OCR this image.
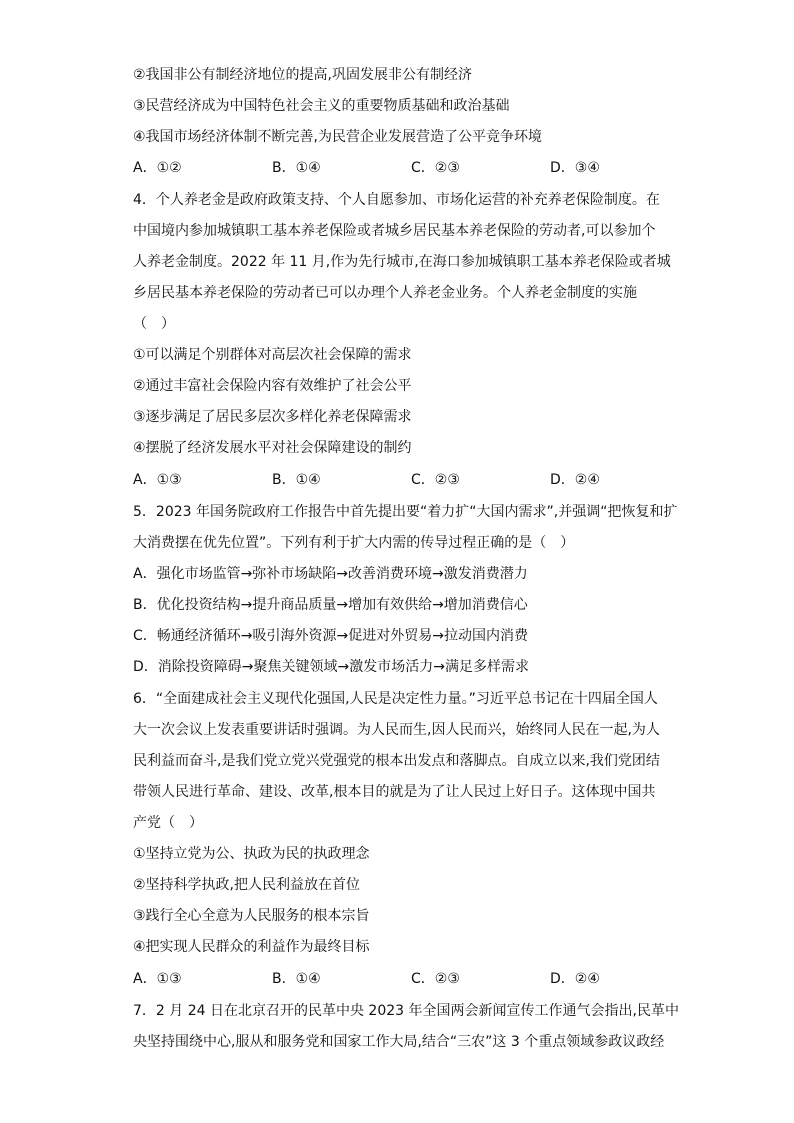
②我国非公有制经济地位的提高,巩固发展非公有制经济
③民营经济成为中国特色社会主义的重要物质基础和政治基础
④我国市场经济体制不断完善,为民营企业发展营造了公平竞争环境
A．①②	B．①④	C．②③	D．③④
4．个人养老金是政府政策支持、个人自愿参加、市场化运营的补充养老保险制度。在
中国境内参加城镇职工基本养老保险或者城乡居民基本养老保险的劳动者,可以参加个
人养老金制度。2022 年 11 月,作为先行城市,在海口参加城镇职工基本养老保险或者城
乡居民基本养老保险的劳动者已可以办理个人养老金业务。个人养老金制度的实施
（　）
①可以满足个别群体对高层次社会保障的需求
②通过丰富社会保险内容有效维护了社会公平
③逐步满足了居民多层次多样化养老保障需求
④摆脱了经济发展水平对社会保障建设的制约
A．①③	B．①④	C．②③	D．②④
5．2023 年国务院政府工作报告中首先提出要“着力扩“大国内需求”,并强调“把恢复和扩
大消费摆在优先位置”。下列有利于扩大内需的传导过程正确的是（　）
A．强化市场监管→弥补市场缺陷→改善消费环境→激发消费潜力
B．优化投资结构→提升商品质量→增加有效供给→增加消费信心
C．畅通经济循环→吸引海外资源→促进对外贸易→拉动国内消费
D．消除投资障碍→聚焦关键领域→激发市场活力→满足多样需求
6．“全面建成社会主义现代化强国,人民是决定性力量。”习近平总书记在十四届全国人
大一次会议上发表重要讲话时强调。为人民而生,因人民而兴，始终同人民在一起,为人
民利益而奋斗,是我们党立党兴党强党的根本出发点和落脚点。自成立以来,我们党团结
带领人民进行革命、建设、改革,根本目的就是为了让人民过上好日子。这体现中国共
产党（　）
①坚持立党为公、执政为民的执政理念
②坚持科学执政,把人民利益放在首位
③践行全心全意为人民服务的根本宗旨
④把实现人民群众的利益作为最终目标
A．①③	B．①④	C．②③	D．②④
7．2 月 24 日在北京召开的民革中央 2023 年全国两会新闻宣传工作通气会指出,民革中
央坚持围绕中心,服从和服务党和国家工作大局,结合“三农”这 3 个重点领域参政议政经
